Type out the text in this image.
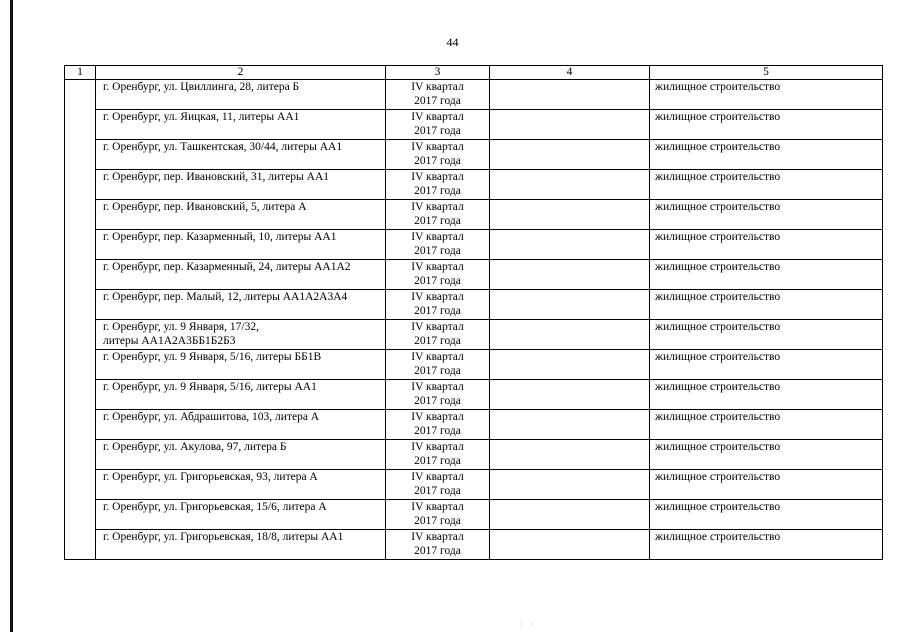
44
1	2	3	4	5

	г. Оренбург, ул. Цвиллинга, 28, литера Б	IV квартал
2017 года		жилищное строительство

	г. Оренбург, ул. Яицкая, 11, литеры АА1	IV квартал
2017 года		жилищное строительство

	г. Оренбург, ул. Ташкентская, 30/44, литеры АА1	IV квартал
2017 года		жилищное строительство

	г. Оренбург, пер. Ивановский, 31, литеры АА1	IV квартал
2017 года		жилищное строительство

	г. Оренбург, пер. Ивановский, 5, литера А	IV квартал
2017 года		жилищное строительство

	г. Оренбург, пер. Казарменный, 10, литеры АА1	IV квартал
2017 года		жилищное строительство

	г. Оренбург, пер. Казарменный, 24, литеры АА1А2	IV квартал
2017 года		жилищное строительство

	г. Оренбург, пер. Малый, 12, литеры АА1А2А3А4	IV квартал
2017 года		жилищное строительство

	г. Оренбург, ул. 9 Января, 17/32,
литеры АА1А2А3ББ1Б2Б3	IV квартал
2017 года		жилищное строительство

	г. Оренбург, ул. 9 Января, 5/16, литеры ББ1В	IV квартал
2017 года		жилищное строительство

	г. Оренбург, ул. 9 Января, 5/16, литеры АА1	IV квартал
2017 года		жилищное строительство

	г. Оренбург, ул. Абдрашитова, 103, литера А	IV квартал
2017 года		жилищное строительство

	г. Оренбург, ул. Акулова, 97, литера Б	IV квартал
2017 года		жилищное строительство

	г. Оренбург, ул. Григорьевская, 93, литера А	IV квартал
2017 года		жилищное строительство

	г. Оренбург, ул. Григорьевская, 15/6, литера А	IV квартал
2017 года		жилищное строительство

	г. Оренбург, ул. Григорьевская, 18/8, литеры АА1	IV квартал
2017 года		жилищное строительство
· ·
